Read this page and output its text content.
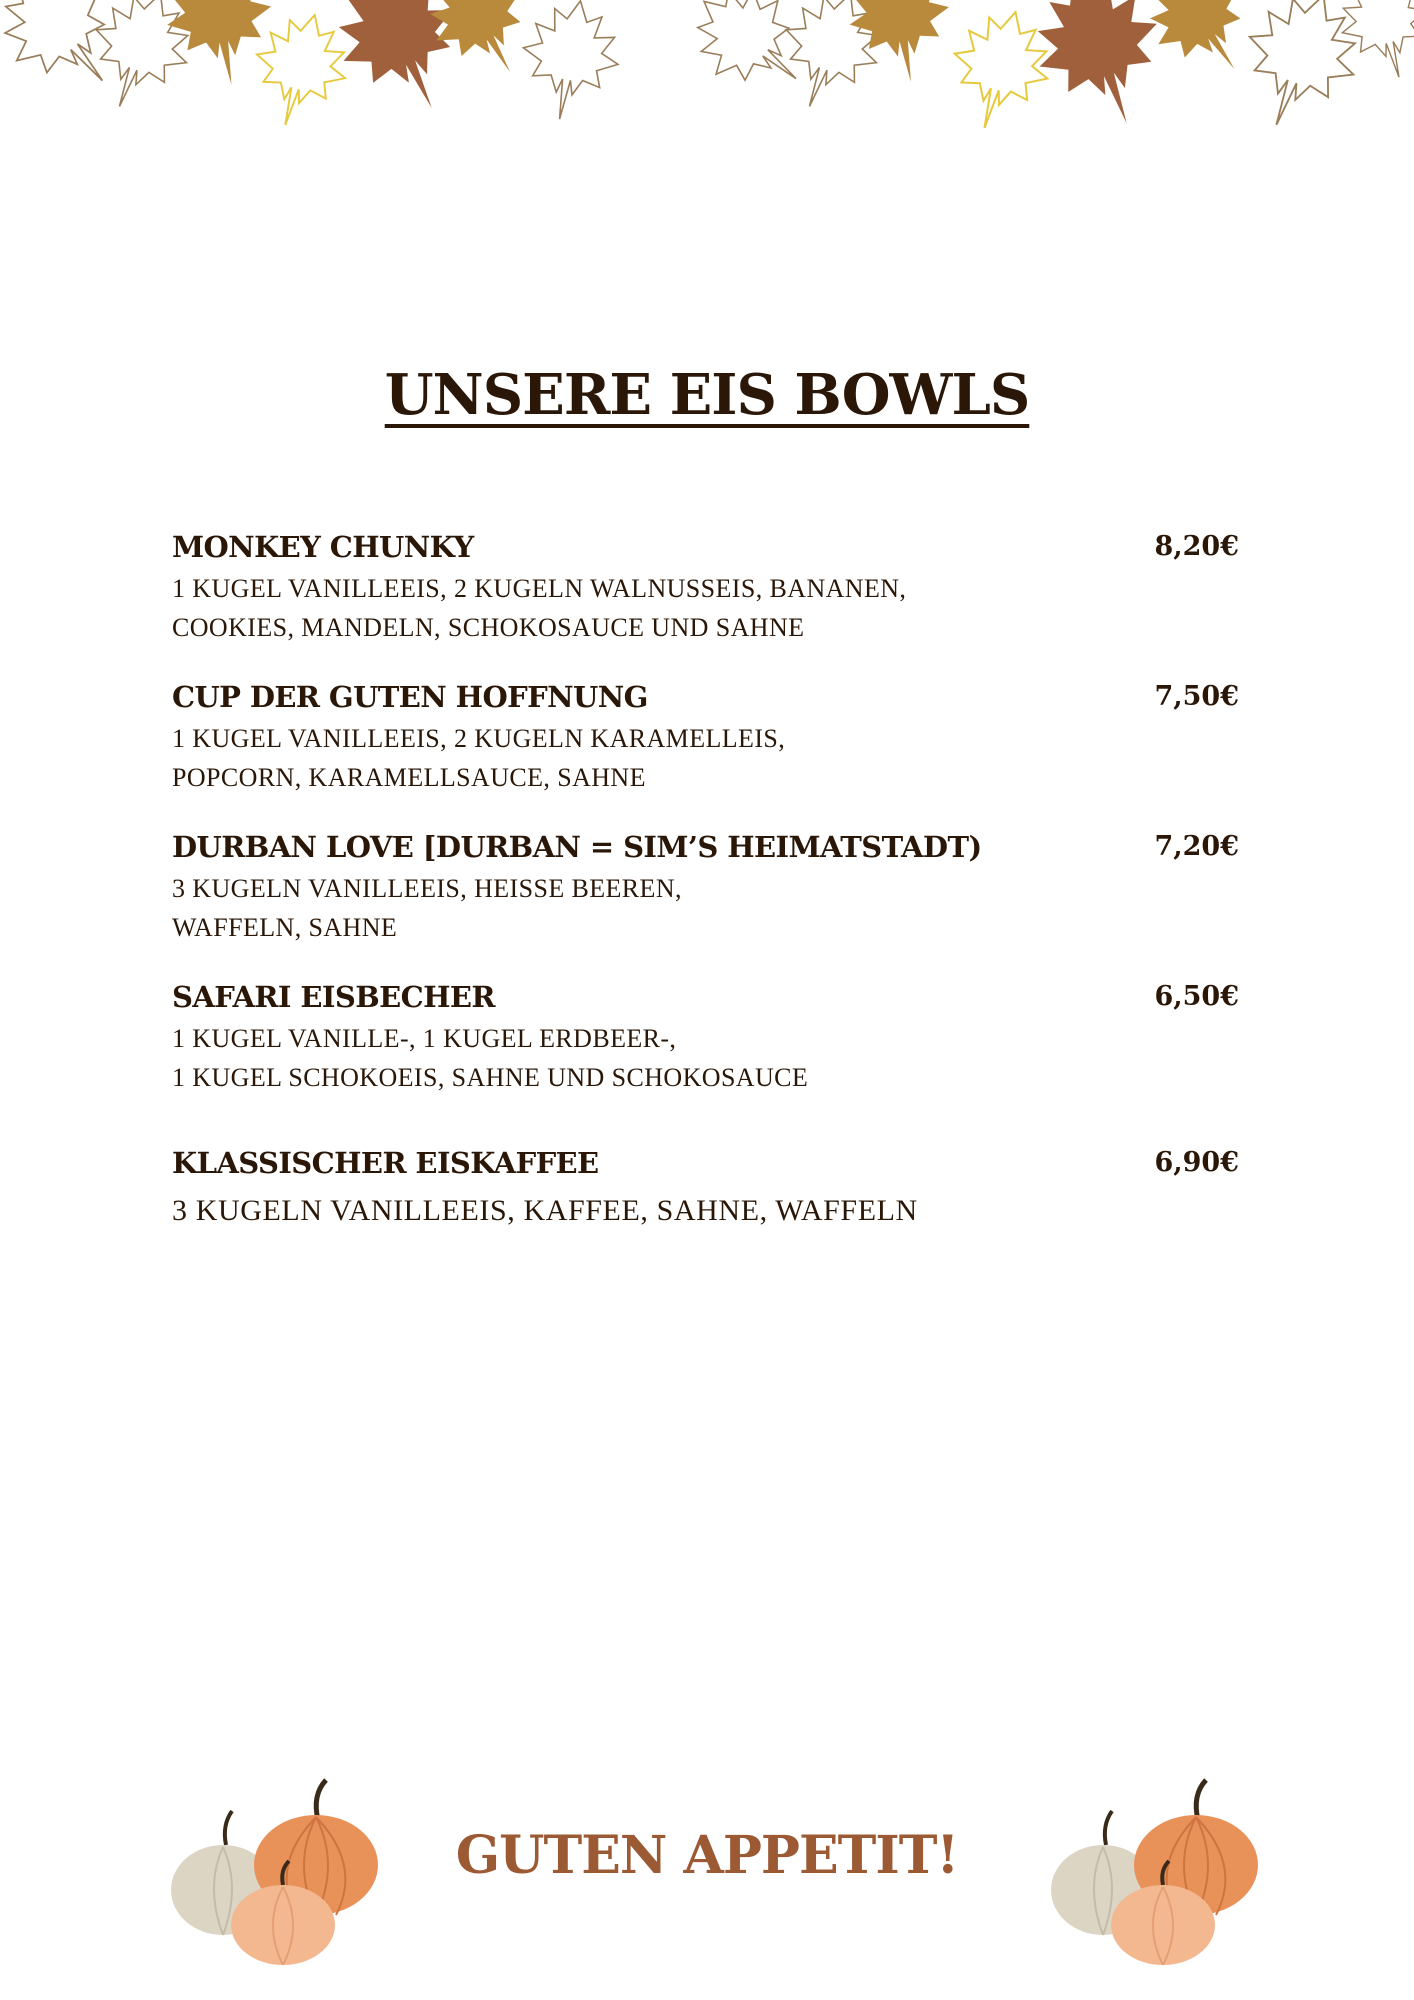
UNSERE EIS BOWLS
MONKEY CHUNKY	8,20€
1 KUGEL VANILLEEIS, 2 KUGELN WALNUSSEIS, BANANEN,
COOKIES, MANDELN, SCHOKOSAUCE UND SAHNE
CUP DER GUTEN HOFFNUNG	7,50€
1 KUGEL VANILLEEIS, 2 KUGELN KARAMELLEIS,
POPCORN, KARAMELLSAUCE, SAHNE
DURBAN LOVE [DURBAN = SIM’S HEIMATSTADT)	7,20€
3 KUGELN VANILLEEIS, HEISSE BEEREN,
WAFFELN, SAHNE
SAFARI EISBECHER	6,50€
1 KUGEL VANILLE-, 1 KUGEL ERDBEER-,
1 KUGEL SCHOKOEIS, SAHNE UND SCHOKOSAUCE
KLASSISCHER EISKAFFEE	6,90€
3 KUGELN VANILLEEIS, KAFFEE, SAHNE, WAFFELN
GUTEN APPETIT!
